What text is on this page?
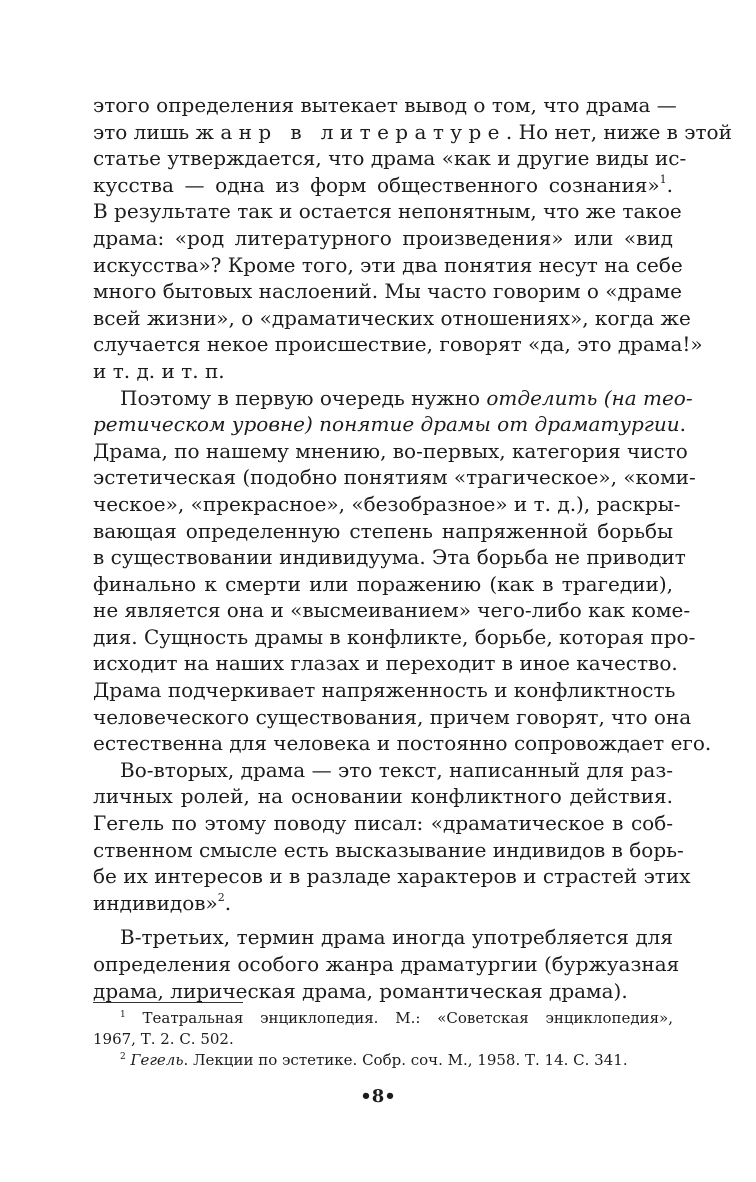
этого определения вытекает вывод о том, что драма —
это лишь жанр в литературе. Но нет, ниже в этой
статье утверждается, что драма «как и другие виды ис-
кусства — одна из форм общественного сознания»$^1$.
В результате так и остается непонятным, что же такое
драма: «род литературного произведения» или «вид
искусства»? Кроме того, эти два понятия несут на себе
много бытовых наслоений. Мы часто говорим о «драме
всей жизни», о «драматических отношениях», когда же
случается некое происшествие, говорят «да, это драма!»
и т. д. и т. п.
Поэтому в первую очередь нужно отделить (на тео-
ретическом уровне) понятие драмы от драматургии.
Драма, по нашему мнению, во-первых, категория чисто
эстетическая (подобно понятиям «трагическое», «коми-
ческое», «прекрасное», «безобразное» и т. д.), раскры-
вающая определенную степень напряженной борьбы
в существовании индивидуума. Эта борьба не приводит
финально к смерти или поражению (как в трагедии),
не является она и «высмеиванием» чего-либо как коме-
дия. Сущность драмы в конфликте, борьбе, которая про-
исходит на наших глазах и переходит в иное качество.
Драма подчеркивает напряженность и конфликтность
человеческого существования, причем говорят, что она
естественна для человека и постоянно сопровождает его.
Во-вторых, драма — это текст, написанный для раз-
личных ролей, на основании конфликтного действия.
Гегель по этому поводу писал: «драматическое в соб-
ственном смысле есть высказывание индивидов в борь-
бе их интересов и в разладе характеров и страстей этих
индивидов»$^2$.
В-третьих, термин драма иногда употребляется для
определения особого жанра драматургии (буржуазная
драма, лирическая драма, романтическая драма).
$^1$ Театральная энциклопедия. М.: «Советская энциклопедия»,
1967, Т. 2. С. 502.
$^2$ Гегель. Лекции по эстетике. Собр. соч. М., 1958. Т. 14. С. 341.
•8•
